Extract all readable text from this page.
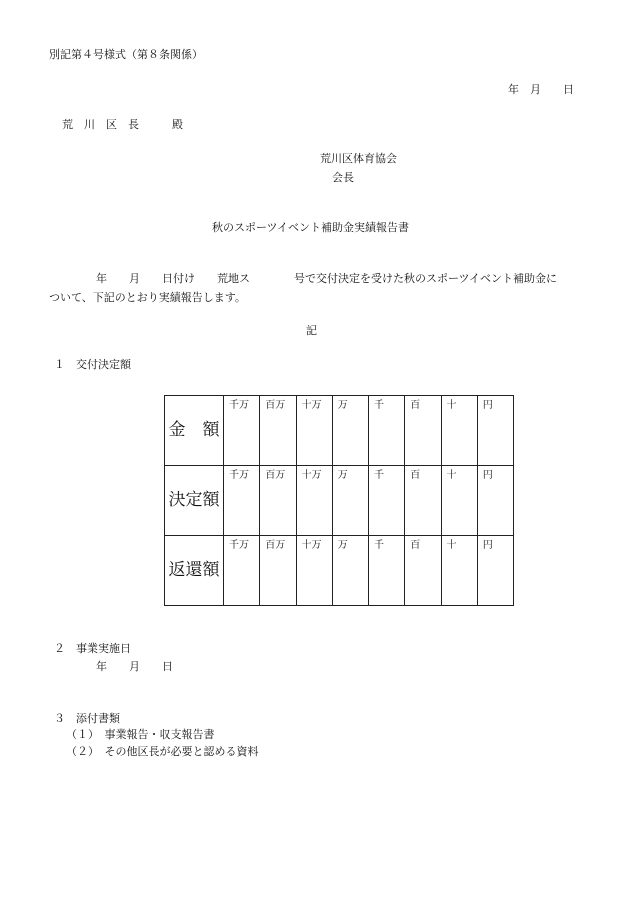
別記第４号様式（第８条関係）
年　月　　日
荒　川　区　長　　　殿
荒川区体育協会
会長
秋のスポーツイベント補助金実績報告書
年　　月　　日付け　　荒地ス　　　　号で交付決定を受けた秋のスポーツイベント補助金に
ついて、下記のとおり実績報告します。
記
１　交付決定額
金　額	千万	百万	十万	万	千	百	十	円
決定額	千万	百万	十万	万	千	百	十	円
返還額	千万	百万	十万	万	千	百	十	円
２　事業実施日
年　　月　　日
３　添付書類
（１）　事業報告・収支報告書
（２）　その他区長が必要と認める資料
